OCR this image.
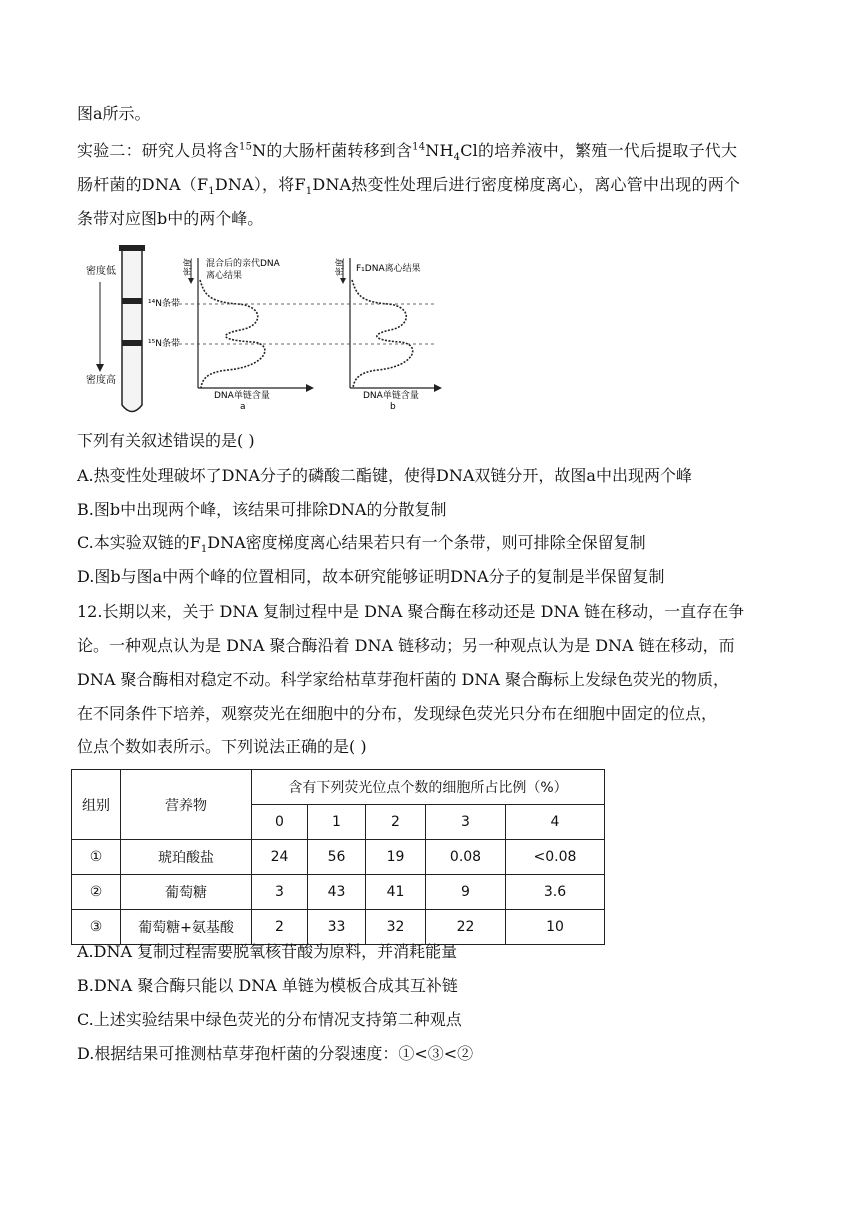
图a所示。
实验二：研究人员将含$^{15}$N的大肠杆菌转移到含$^{14}NH_4Cl$的培养液中，繁殖一代后提取子代大
肠杆菌的$DNA(F_1DNA)$，将$F_1DNA$热变性处理后进行密度梯度离心，离心管中出现的两个
条带对应图b中的两个峰。
密度低
密度高
¹⁴N条带
¹⁵N条带
密度 混合后的亲代DNA
离心结果
DNA单链含量
a
密度 F₁DNA离心结果
DNA单链含量
b
下列有关叙述错误的是( )
A.热变性处理破坏了DNA分子的磷酸二酯键，使得DNA双链分开，故图a中出现两个峰
B.图b中出现两个峰，该结果可排除DNA的分散复制
C.本实验双链的$F_1DNA$密度梯度离心结果若只有一个条带，则可排除全保留复制
D.图b与图a中两个峰的位置相同，故本研究能够证明DNA分子的复制是半保留复制
12.长期以来，关于 DNA 复制过程中是 DNA 聚合酶在移动还是 DNA 链在移动，一直存在争
论。一种观点认为是 DNA 聚合酶沿着 DNA 链移动；另一种观点认为是 DNA 链在移动，而
DNA 聚合酶相对稳定不动。科学家给枯草芽孢杆菌的 DNA 聚合酶标上发绿色荧光的物质，
在不同条件下培养，观察荧光在细胞中的分布，发现绿色荧光只分布在细胞中固定的位点，
位点个数如表所示。下列说法正确的是( )
组别	营养物	含有下列荧光位点个数的细胞所占比例（%）				
		0	1	2	3	4
①	琥珀酸盐	24	56	19	0.08	<0.08
②	葡萄糖	3	43	41	9	3.6
③	葡萄糖+氨基酸	2	33	32	22	10
A.DNA 复制过程需要脱氧核苷酸为原料，并消耗能量
B.DNA 聚合酶只能以 DNA 单链为模板合成其互补链
C.上述实验结果中绿色荧光的分布情况支持第二种观点
D.根据结果可推测枯草芽孢杆菌的分裂速度：①<③<②
